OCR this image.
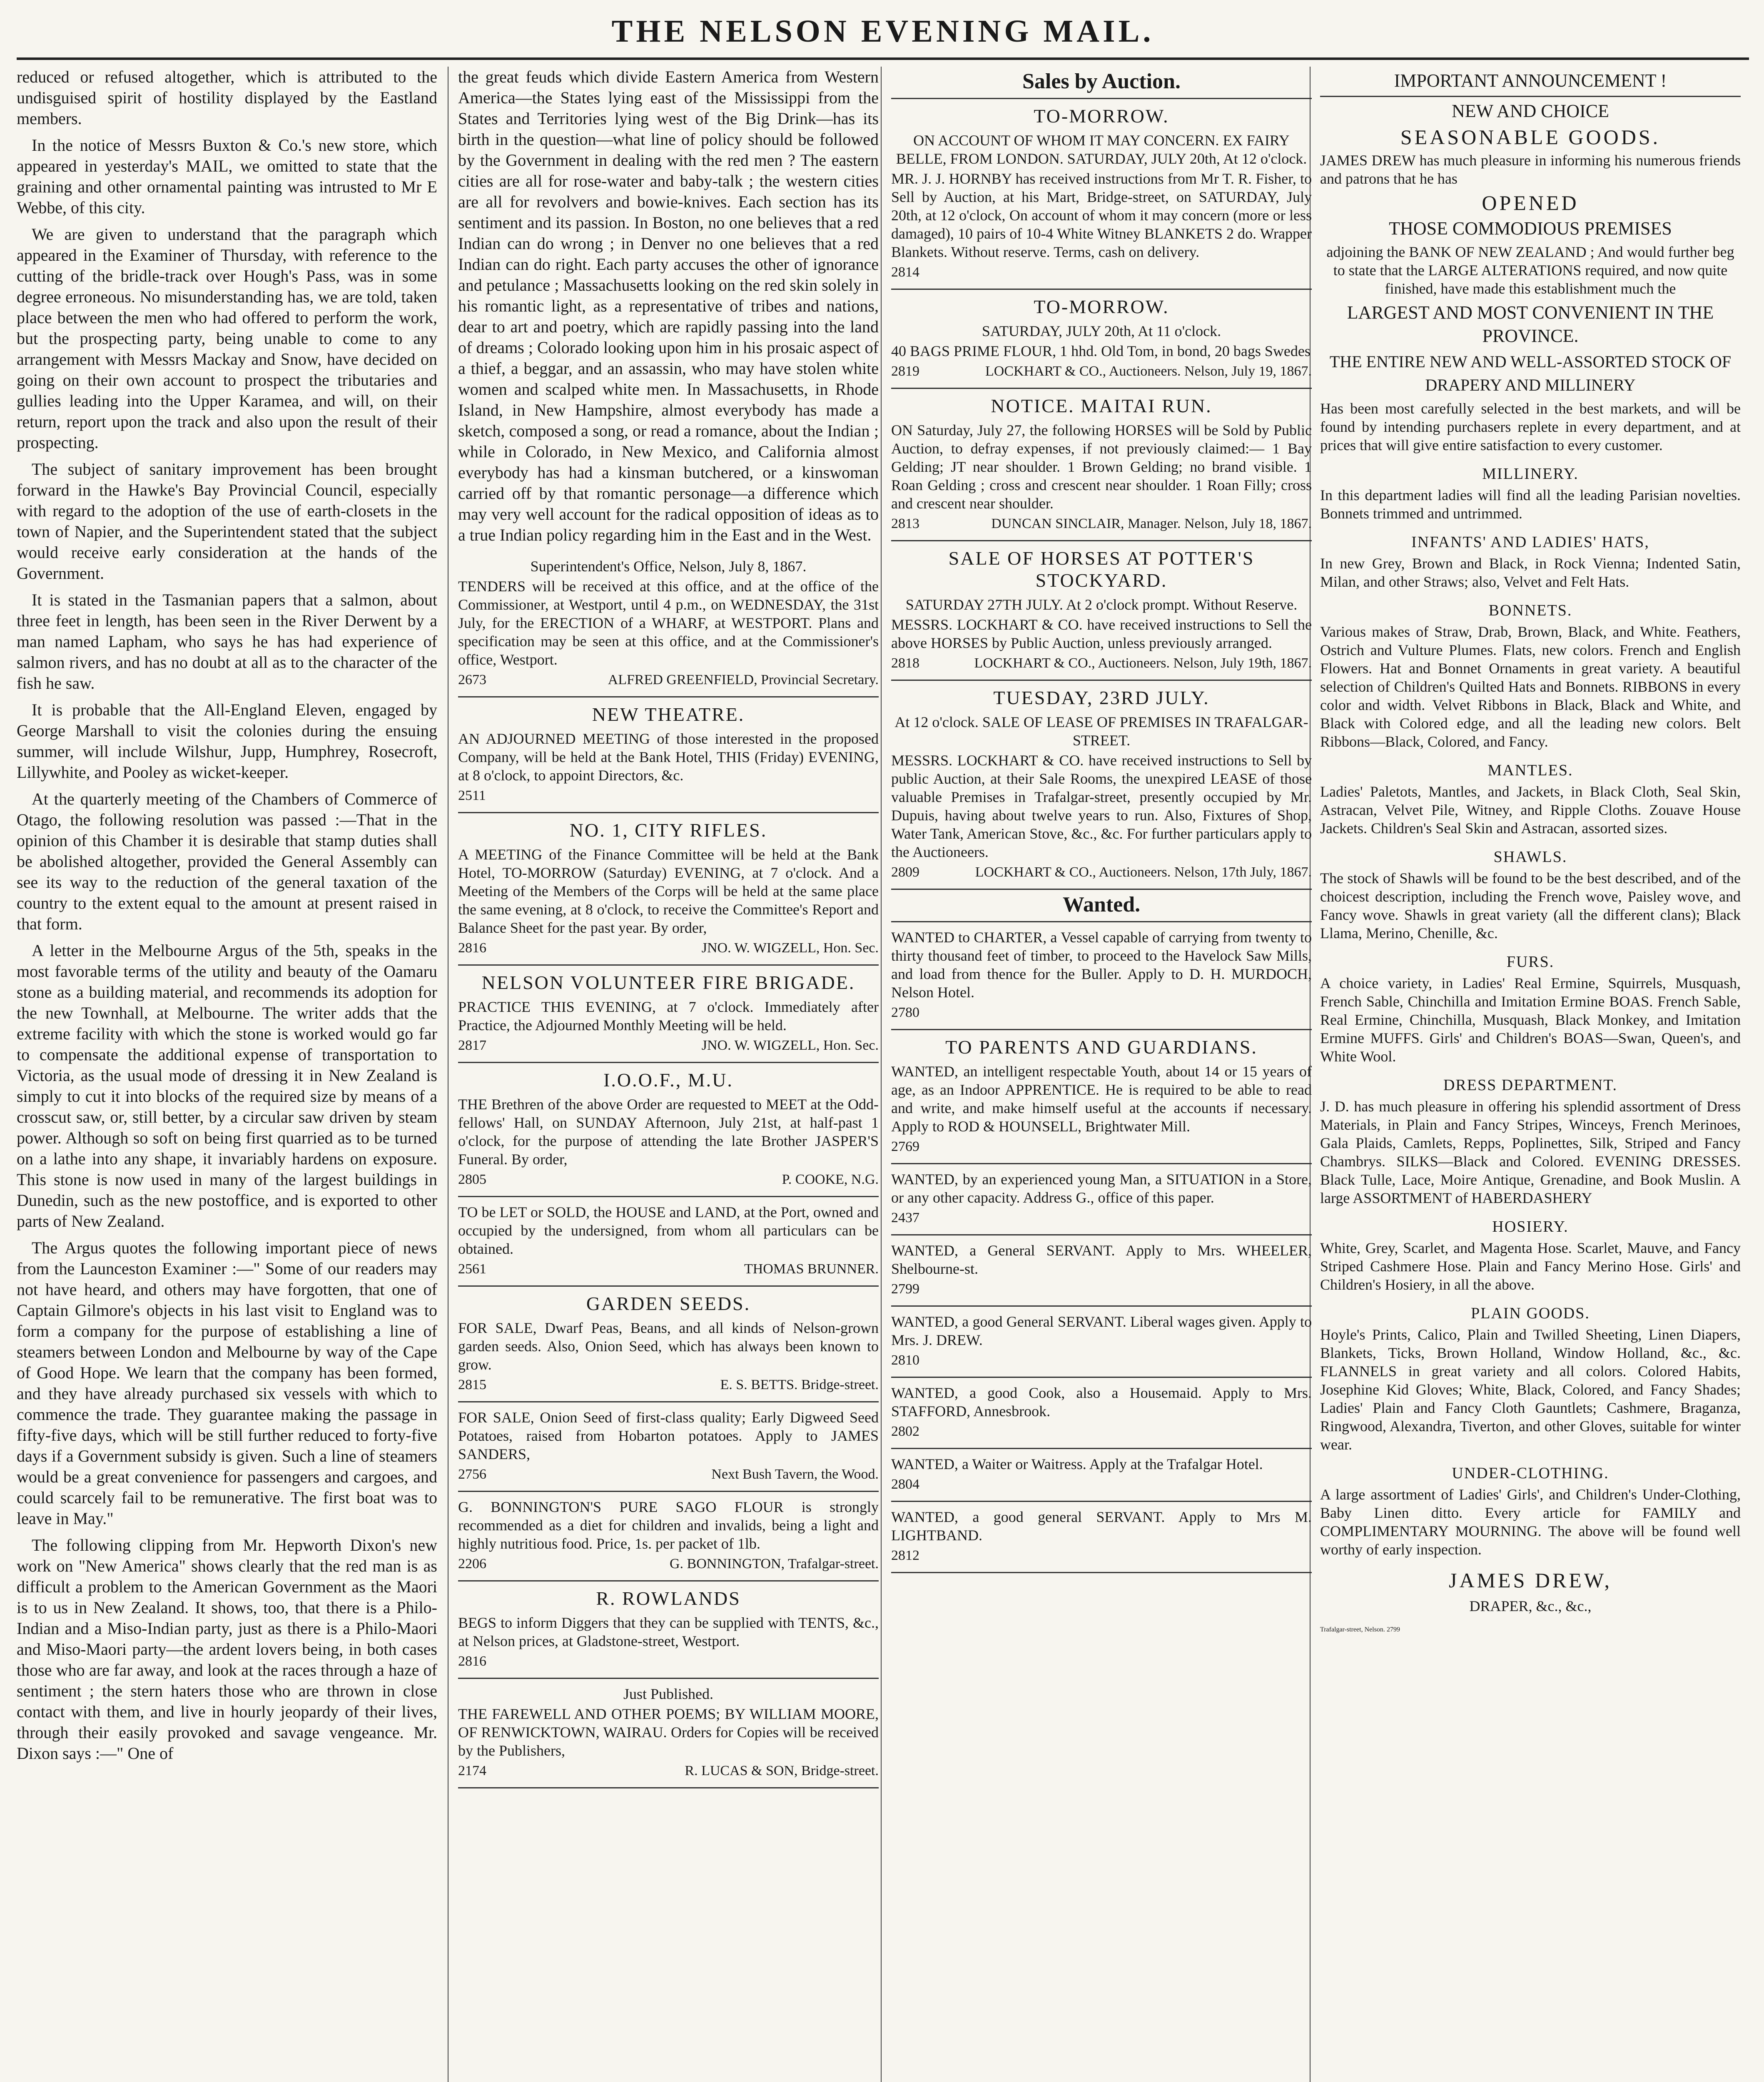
THE NELSON EVENING MAIL.

reduced or refused altogether, which is attributed to the undisguised spirit of hostility displayed by the Eastland members.

In the notice of Messrs Buxton & Co.'s new store, which appeared in yesterday's MAIL, we omitted to state that the graining and other ornamental painting was intrusted to Mr E Webbe, of this city.

We are given to understand that the paragraph which appeared in the Examiner of Thursday, with reference to the cutting of the bridle-track over Hough's Pass, was in some degree erroneous. No misunderstanding has, we are told, taken place between the men who had offered to perform the work, but the prospecting party, being unable to come to any arrangement with Messrs Mackay and Snow, have decided on going on their own account to prospect the tributaries and gullies leading into the Upper Karamea, and will, on their return, report upon the track and also upon the result of their prospecting.

The subject of sanitary improvement has been brought forward in the Hawke's Bay Provincial Council, especially with regard to the adoption of the use of earth-closets in the town of Napier, and the Superintendent stated that the subject would receive early consideration at the hands of the Government.

It is stated in the Tasmanian papers that a salmon, about three feet in length, has been seen in the River Derwent by a man named Lapham, who says he has had experience of salmon rivers, and has no doubt at all as to the character of the fish he saw.

It is probable that the All-England Eleven, engaged by George Marshall to visit the colonies during the ensuing summer, will include Wilshur, Jupp, Humphrey, Rosecroft, Lillywhite, and Pooley as wicket-keeper.

At the quarterly meeting of the Chambers of Commerce of Otago, the following resolution was passed :—That in the opinion of this Chamber it is desirable that stamp duties shall be abolished altogether, provided the General Assembly can see its way to the reduction of the general taxation of the country to the extent equal to the amount at present raised in that form.

A letter in the Melbourne Argus of the 5th, speaks in the most favorable terms of the utility and beauty of the Oamaru stone as a building material, and recommends its adoption for the new Townhall, at Melbourne. The writer adds that the extreme facility with which the stone is worked would go far to compensate the additional expense of transportation to Victoria, as the usual mode of dressing it in New Zealand is simply to cut it into blocks of the required size by means of a crosscut saw, or, still better, by a circular saw driven by steam power. Although so soft on being first quarried as to be turned on a lathe into any shape, it invariably hardens on exposure. This stone is now used in many of the largest buildings in Dunedin, such as the new postoffice, and is exported to other parts of New Zealand.

The Argus quotes the following important piece of news from the Launceston Examiner :—" Some of our readers may not have heard, and others may have forgotten, that one of Captain Gilmore's objects in his last visit to England was to form a company for the purpose of establishing a line of steamers between London and Melbourne by way of the Cape of Good Hope. We learn that the company has been formed, and they have already purchased six vessels with which to commence the trade. They guarantee making the passage in fifty-five days, which will be still further reduced to forty-five days if a Government subsidy is given. Such a line of steamers would be a great convenience for passengers and cargoes, and could scarcely fail to be remunerative. The first boat was to leave in May."

The following clipping from Mr. Hepworth Dixon's new work on "New America" shows clearly that the red man is as difficult a problem to the American Government as the Maori is to us in New Zealand. It shows, too, that there is a Philo-Indian and a Miso-Indian party, just as there is a Philo-Maori and Miso-Maori party—the ardent lovers being, in both cases those who are far away, and look at the races through a haze of sentiment ; the stern haters those who are thrown in close contact with them, and live in hourly jeopardy of their lives, through their easily provoked and savage vengeance. Mr. Dixon says :—" One of

the great feuds which divide Eastern America from Western America—the States lying east of the Mississippi from the States and Territories lying west of the Big Drink—has its birth in the question—what line of policy should be followed by the Government in dealing with the red men ? The eastern cities are all for rose-water and baby-talk ; the western cities are all for revolvers and bowie-knives. Each section has its sentiment and its passion. In Boston, no one believes that a red Indian can do wrong ; in Denver no one believes that a red Indian can do right. Each party accuses the other of ignorance and petulance ; Massachusetts looking on the red skin solely in his romantic light, as a representative of tribes and nations, dear to art and poetry, which are rapidly passing into the land of dreams ; Colorado looking upon him in his prosaic aspect of a thief, a beggar, and an assassin, who may have stolen white women and scalped white men. In Massachusetts, in Rhode Island, in New Hampshire, almost everybody has made a sketch, composed a song, or read a romance, about the Indian ; while in Colorado, in New Mexico, and California almost everybody has had a kinsman butchered, or a kinswoman carried off by that romantic personage—a difference which may very well account for the radical opposition of ideas as to a true Indian policy regarding him in the East and in the West.

Superintendent's Office, Nelson, July 8, 1867.

TENDERS will be received at this office, and at the office of the Commissioner, at Westport, until 4 p.m., on WEDNESDAY, the 31st July, for the ERECTION of a WHARF, at WESTPORT. Plans and specification may be seen at this office, and at the Commissioner's office, Westport.

2673	ALFRED GREENFIELD, Provincial Secretary.
NEW THEATRE.

AN ADJOURNED MEETING of those interested in the proposed Company, will be held at the Bank Hotel, THIS (Friday) EVENING, at 8 o'clock, to appoint Directors, &c.

2511
NO. 1, CITY RIFLES.

A MEETING of the Finance Committee will be held at the Bank Hotel, TO-MORROW (Saturday) EVENING, at 7 o'clock. And a Meeting of the Members of the Corps will be held at the same place the same evening, at 8 o'clock, to receive the Committee's Report and Balance Sheet for the past year. By order,

2816	JNO. W. WIGZELL, Hon. Sec.
NELSON VOLUNTEER FIRE BRIGADE.

PRACTICE THIS EVENING, at 7 o'clock. Immediately after Practice, the Adjourned Monthly Meeting will be held.

2817	JNO. W. WIGZELL, Hon. Sec.
I.O.O.F., M.U.

THE Brethren of the above Order are requested to MEET at the Odd-fellows' Hall, on SUNDAY Afternoon, July 21st, at half-past 1 o'clock, for the purpose of attending the late Brother JASPER'S Funeral. By order,

2805	P. COOKE, N.G.

TO be LET or SOLD, the HOUSE and LAND, at the Port, owned and occupied by the undersigned, from whom all particulars can be obtained.

2561	THOMAS BRUNNER.
GARDEN SEEDS.

FOR SALE, Dwarf Peas, Beans, and all kinds of Nelson-grown garden seeds. Also, Onion Seed, which has always been known to grow.

2815	E. S. BETTS. Bridge-street.

FOR SALE, Onion Seed of first-class quality; Early Digweed Seed Potatoes, raised from Hobarton potatoes. Apply to JAMES SANDERS,

2756	Next Bush Tavern, the Wood.

G. BONNINGTON'S PURE SAGO FLOUR is strongly recommended as a diet for children and invalids, being a light and highly nutritious food. Price, 1s. per packet of 1lb.

2206	G. BONNINGTON, Trafalgar-street.
R. ROWLANDS

BEGS to inform Diggers that they can be supplied with TENTS, &c., at Nelson prices, at Gladstone-street, Westport.

2816

Just Published.

THE FAREWELL AND OTHER POEMS; BY WILLIAM MOORE, OF RENWICKTOWN, WAIRAU. Orders for Copies will be received by the Publishers,

2174	R. LUCAS & SON, Bridge-street.
Sales by Auction.
TO-MORROW.

ON ACCOUNT OF WHOM IT MAY CONCERN. EX FAIRY BELLE, FROM LONDON. SATURDAY, JULY 20th, At 12 o'clock.

MR. J. J. HORNBY has received instructions from Mr T. R. Fisher, to Sell by Auction, at his Mart, Bridge-street, on SATURDAY, July 20th, at 12 o'clock, On account of whom it may concern (more or less damaged), 10 pairs of 10-4 White Witney BLANKETS 2 do. Wrapper Blankets. Without reserve. Terms, cash on delivery.

2814
TO-MORROW.

SATURDAY, JULY 20th, At 11 o'clock.

40 BAGS PRIME FLOUR, 1 hhd. Old Tom, in bond, 20 bags Swedes

2819	LOCKHART & CO., Auctioneers. Nelson, July 19, 1867.
NOTICE. MAITAI RUN.

ON Saturday, July 27, the following HORSES will be Sold by Public Auction, to defray expenses, if not previously claimed:— 1 Bay Gelding; JT near shoulder. 1 Brown Gelding; no brand visible. 1 Roan Gelding ; cross and crescent near shoulder. 1 Roan Filly; cross and crescent near shoulder.

2813	DUNCAN SINCLAIR, Manager. Nelson, July 18, 1867.
SALE OF HORSES AT POTTER'S STOCKYARD.

SATURDAY 27TH JULY. At 2 o'clock prompt. Without Reserve.

MESSRS. LOCKHART & CO. have received instructions to Sell the above HORSES by Public Auction, unless previously arranged.

2818	LOCKHART & CO., Auctioneers. Nelson, July 19th, 1867.
TUESDAY, 23RD JULY.

At 12 o'clock. SALE OF LEASE OF PREMISES IN TRAFALGAR-STREET.

MESSRS. LOCKHART & CO. have received instructions to Sell by public Auction, at their Sale Rooms, the unexpired LEASE of those valuable Premises in Trafalgar-street, presently occupied by Mr. Dupuis, having about twelve years to run. Also, Fixtures of Shop, Water Tank, American Stove, &c., &c. For further particulars apply to the Auctioneers.

2809	LOCKHART & CO., Auctioneers. Nelson, 17th July, 1867.
Wanted.

WANTED to CHARTER, a Vessel capable of carrying from twenty to thirty thousand feet of timber, to proceed to the Havelock Saw Mills, and load from thence for the Buller. Apply to D. H. MURDOCH, Nelson Hotel.

2780
TO PARENTS AND GUARDIANS.

WANTED, an intelligent respectable Youth, about 14 or 15 years of age, as an Indoor APPRENTICE. He is required to be able to read and write, and make himself useful at the accounts if necessary. Apply to ROD & HOUNSELL, Brightwater Mill.

2769

WANTED, by an experienced young Man, a SITUATION in a Store, or any other capacity. Address G., office of this paper.

2437

WANTED, a General SERVANT. Apply to Mrs. WHEELER, Shelbourne-st.

2799

WANTED, a good General SERVANT. Liberal wages given. Apply to Mrs. J. DREW.

2810

WANTED, a good Cook, also a Housemaid. Apply to Mrs. STAFFORD, Annesbrook.

2802

WANTED, a Waiter or Waitress. Apply at the Trafalgar Hotel.

2804

WANTED, a good general SERVANT. Apply to Mrs M. LIGHTBAND.

2812
IMPORTANT ANNOUNCEMENT !
NEW AND CHOICE
SEASONABLE GOODS.

JAMES DREW has much pleasure in informing his numerous friends and patrons that he has

OPENED
THOSE COMMODIOUS PREMISES

adjoining the BANK OF NEW ZEALAND ; And would further beg to state that the LARGE ALTERATIONS required, and now quite finished, have made this establishment much the

LARGEST AND MOST CONVENIENT IN THE PROVINCE.
THE ENTIRE NEW AND WELL-ASSORTED STOCK OF DRAPERY AND MILLINERY

Has been most carefully selected in the best markets, and will be found by intending purchasers replete in every department, and at prices that will give entire satisfaction to every customer.

MILLINERY.

In this department ladies will find all the leading Parisian novelties. Bonnets trimmed and untrimmed.

INFANTS' AND LADIES' HATS,

In new Grey, Brown and Black, in Rock Vienna; Indented Satin, Milan, and other Straws; also, Velvet and Felt Hats.

BONNETS.

Various makes of Straw, Drab, Brown, Black, and White. Feathers, Ostrich and Vulture Plumes. Flats, new colors. French and English Flowers. Hat and Bonnet Ornaments in great variety. A beautiful selection of Children's Quilted Hats and Bonnets. RIBBONS in every color and width. Velvet Ribbons in Black, Black and White, and Black with Colored edge, and all the leading new colors. Belt Ribbons—Black, Colored, and Fancy.

MANTLES.

Ladies' Paletots, Mantles, and Jackets, in Black Cloth, Seal Skin, Astracan, Velvet Pile, Witney, and Ripple Cloths. Zouave House Jackets. Children's Seal Skin and Astracan, assorted sizes.

SHAWLS.

The stock of Shawls will be found to be the best described, and of the choicest description, including the French wove, Paisley wove, and Fancy wove. Shawls in great variety (all the different clans); Black Llama, Merino, Chenille, &c.

FURS.

A choice variety, in Ladies' Real Ermine, Squirrels, Musquash, French Sable, Chinchilla and Imitation Ermine BOAS. French Sable, Real Ermine, Chinchilla, Musquash, Black Monkey, and Imitation Ermine MUFFS. Girls' and Children's BOAS—Swan, Queen's, and White Wool.

DRESS DEPARTMENT.

J. D. has much pleasure in offering his splendid assortment of Dress Materials, in Plain and Fancy Stripes, Winceys, French Merinoes, Gala Plaids, Camlets, Repps, Poplinettes, Silk, Striped and Fancy Chambrys. SILKS—Black and Colored. EVENING DRESSES. Black Tulle, Lace, Moire Antique, Grenadine, and Book Muslin. A large ASSORTMENT of HABERDASHERY

HOSIERY.

White, Grey, Scarlet, and Magenta Hose. Scarlet, Mauve, and Fancy Striped Cashmere Hose. Plain and Fancy Merino Hose. Girls' and Children's Hosiery, in all the above.

PLAIN GOODS.

Hoyle's Prints, Calico, Plain and Twilled Sheeting, Linen Diapers, Blankets, Ticks, Brown Holland, Window Holland, &c., &c. FLANNELS in great variety and all colors. Colored Habits, Josephine Kid Gloves; White, Black, Colored, and Fancy Shades; Ladies' Plain and Fancy Cloth Gauntlets; Cashmere, Braganza, Ringwood, Alexandra, Tiverton, and other Gloves, suitable for winter wear.

UNDER-CLOTHING.

A large assortment of Ladies' Girls', and Children's Under-Clothing, Baby Linen ditto. Every article for FAMILY and COMPLIMENTARY MOURNING. The above will be found well worthy of early inspection.

JAMES DREW,
DRAPER, &c., &c.,
Trafalgar-street, Nelson. 2799
